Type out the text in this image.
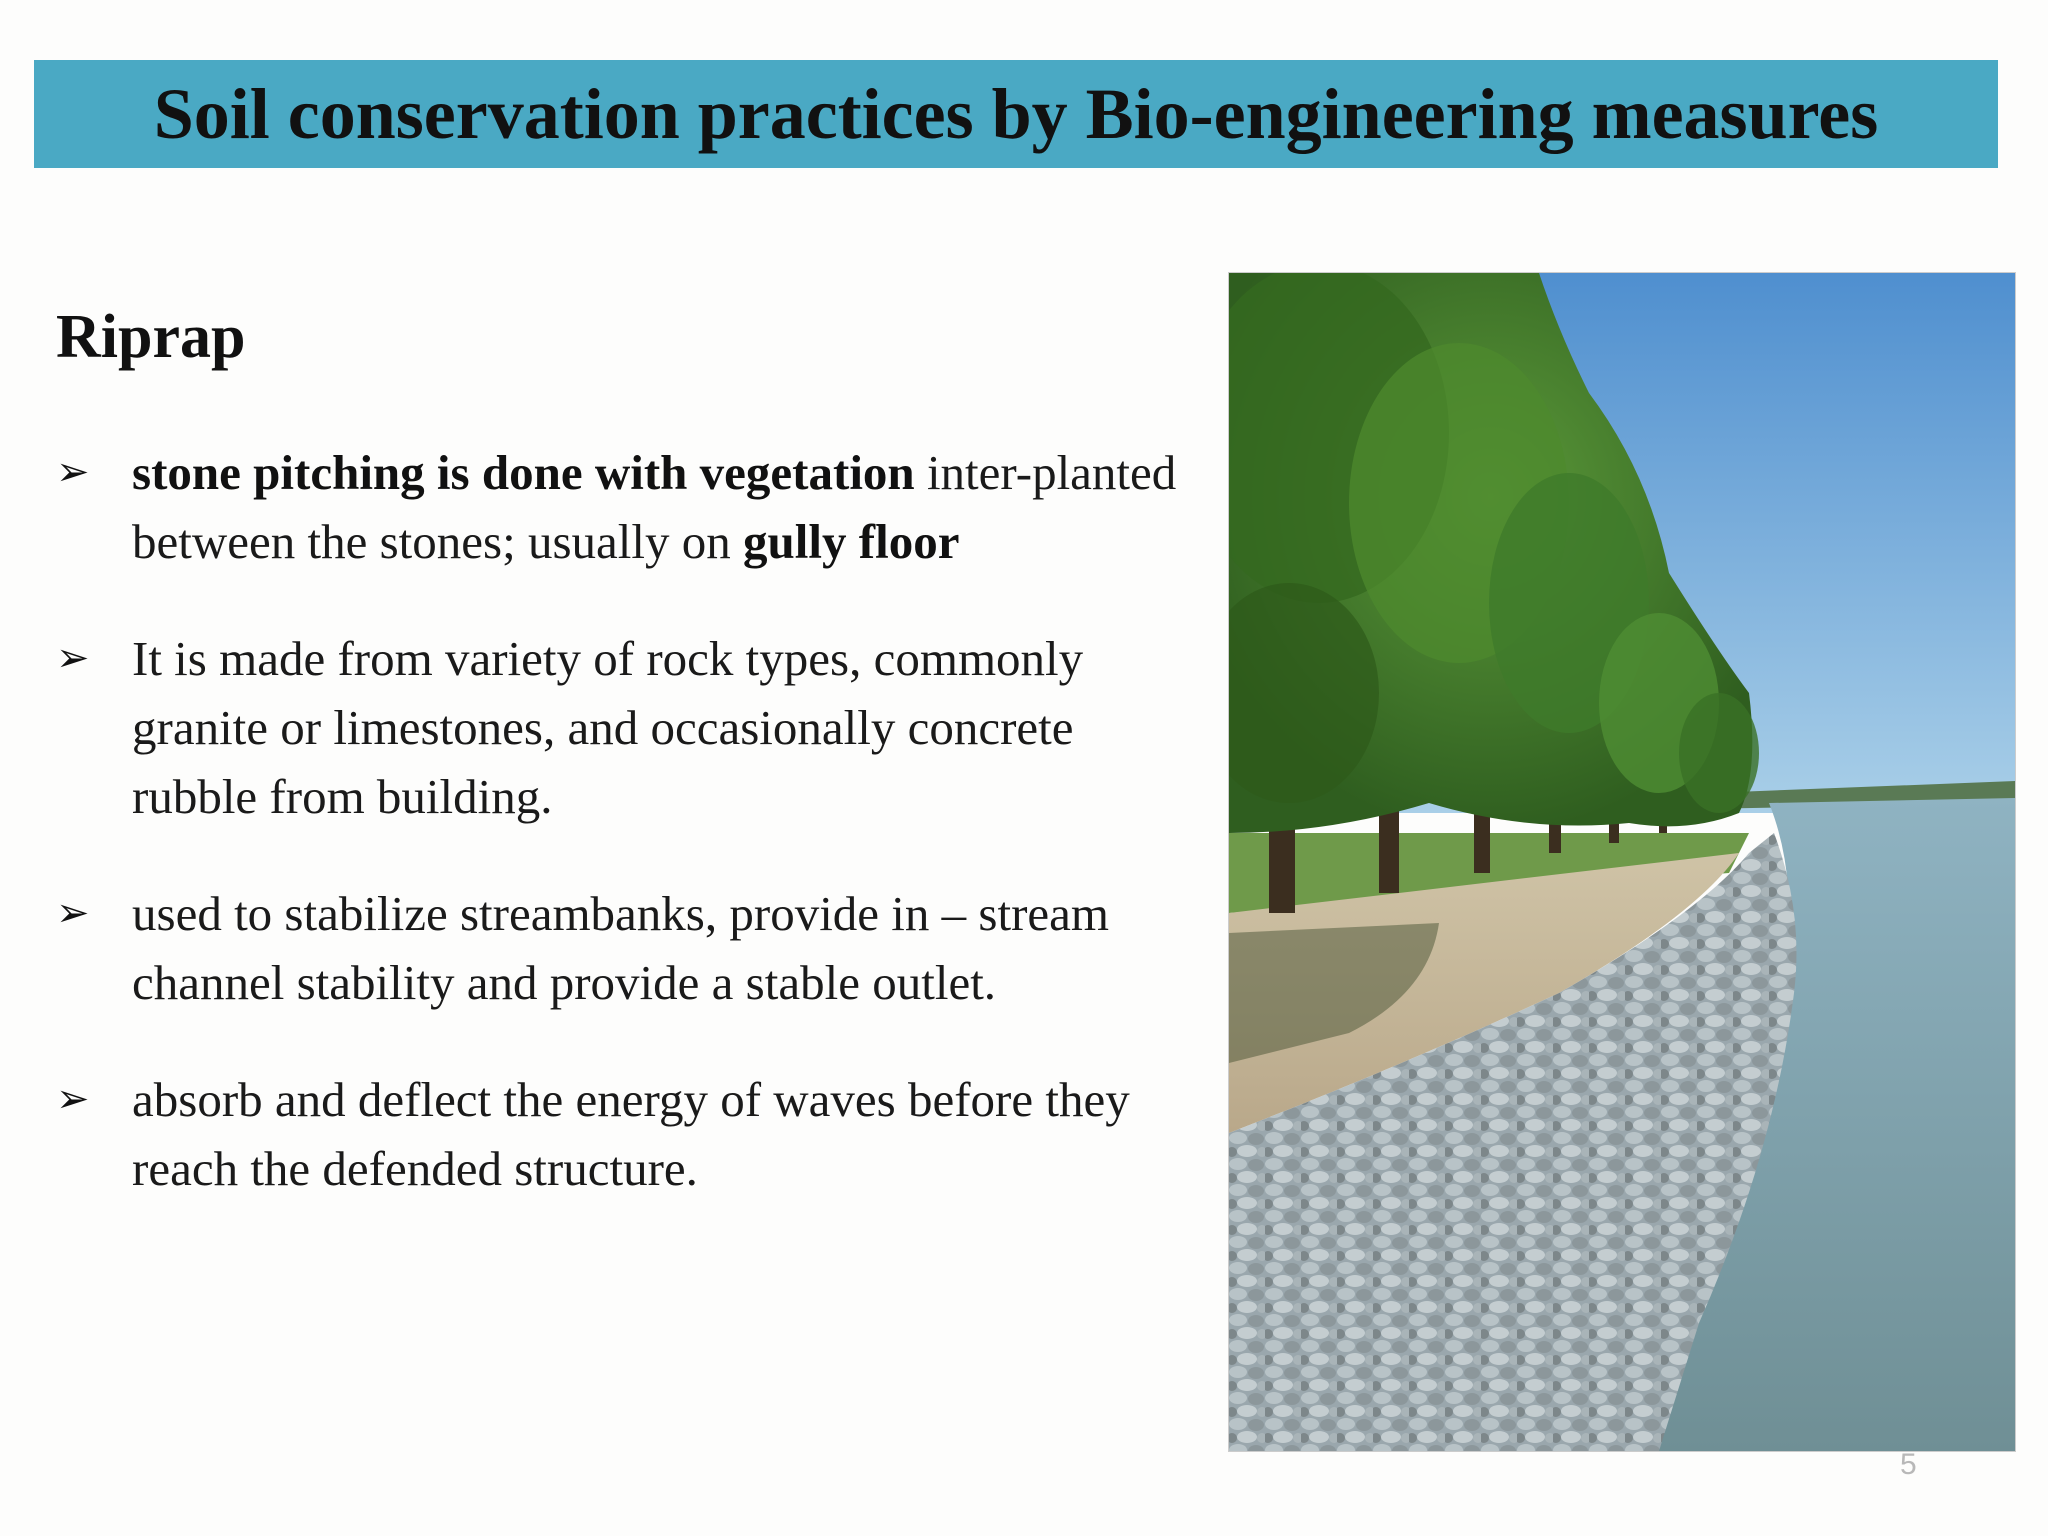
Soil conservation practices by Bio-engineering measures
Riprap
➢ stone pitching is done with vegetation inter-planted between the stones; usually on gully floor
➢ It is made from variety of rock types, commonly granite or limestones, and occasionally concrete rubble from building.
➢ used to stabilize streambanks, provide in – stream channel stability and provide a stable outlet.
➢ absorb and deflect the energy of waves before they reach the defended structure.
5
